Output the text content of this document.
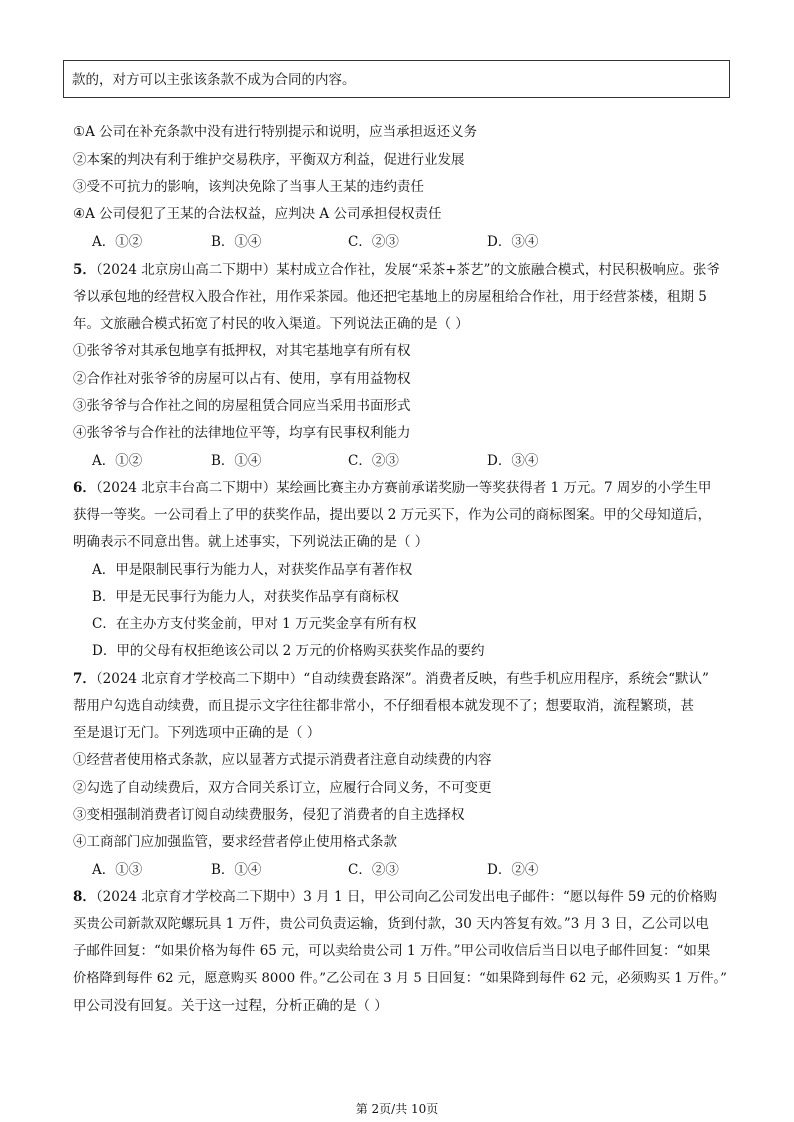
款的，对方可以主张该条款不成为合同的内容。
①A 公司在补充条款中没有进行特别提示和说明，应当承担返还义务
②本案的判决有利于维护交易秩序，平衡双方利益，促进行业发展
③受不可抗力的影响，该判决免除了当事人王某的违约责任
④A 公司侵犯了王某的合法权益，应判决 A 公司承担侵权责任
A．①②	B．①④	C．②③	D．③④
5．（2024 北京房山高二下期中）某村成立合作社，发展“采茶+茶艺”的文旅融合模式，村民积极响应。张爷
爷以承包地的经营权入股合作社，用作采茶园。他还把宅基地上的房屋租给合作社，用于经营茶楼，租期 5
年。文旅融合模式拓宽了村民的收入渠道。下列说法正确的是（ ）
①张爷爷对其承包地享有抵押权，对其宅基地享有所有权
②合作社对张爷爷的房屋可以占有、使用，享有用益物权
③张爷爷与合作社之间的房屋租赁合同应当采用书面形式
④张爷爷与合作社的法律地位平等，均享有民事权利能力
A．①②	B．①④	C．②③	D．③④
6．（2024 北京丰台高二下期中）某绘画比赛主办方赛前承诺奖励一等奖获得者 1 万元。7 周岁的小学生甲
获得一等奖。一公司看上了甲的获奖作品，提出要以 2 万元买下，作为公司的商标图案。甲的父母知道后，
明确表示不同意出售。就上述事实，下列说法正确的是（ ）
A．甲是限制民事行为能力人，对获奖作品享有著作权
B．甲是无民事行为能力人，对获奖作品享有商标权
C．在主办方支付奖金前，甲对 1 万元奖金享有所有权
D．甲的父母有权拒绝该公司以 2 万元的价格购买获奖作品的要约
7．（2024 北京育才学校高二下期中）“自动续费套路深”。消费者反映，有些手机应用程序，系统会“默认”
帮用户勾选自动续费，而且提示文字往往都非常小，不仔细看根本就发现不了；想要取消，流程繁琐，甚
至是退订无门。下列选项中正确的是（ ）
①经营者使用格式条款，应以显著方式提示消费者注意自动续费的内容
②勾选了自动续费后，双方合同关系订立，应履行合同义务，不可变更
③变相强制消费者订阅自动续费服务，侵犯了消费者的自主选择权
④工商部门应加强监管，要求经营者停止使用格式条款
A．①③	B．①④	C．②③	D．②④
8．（2024 北京育才学校高二下期中）3 月 1 日，甲公司向乙公司发出电子邮件：“愿以每件 59 元的价格购
买贵公司新款双陀螺玩具 1 万件，贵公司负责运输，货到付款，30 天内答复有效。”3 月 3 日，乙公司以电
子邮件回复：“如果价格为每件 65 元，可以卖给贵公司 1 万件。”甲公司收信后当日以电子邮件回复：“如果
价格降到每件 62 元，愿意购买 8000 件。”乙公司在 3 月 5 日回复：“如果降到每件 62 元，必须购买 1 万件。”
甲公司没有回复。关于这一过程，分析正确的是（ ）
第 2页/共 10页
